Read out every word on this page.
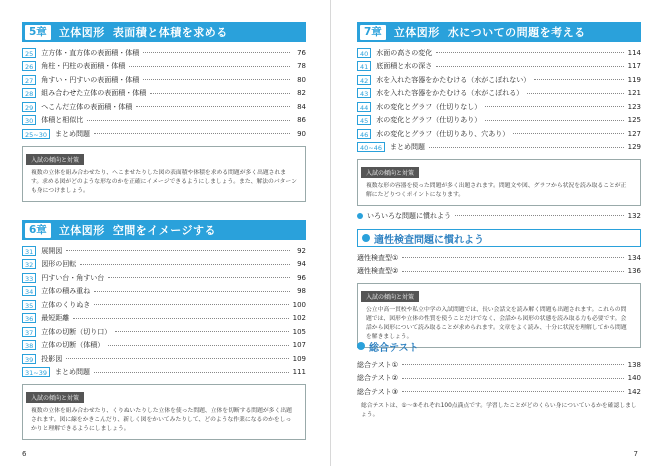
5章	立体図形 表面積と体積を求める
25	立方体・直方体の表面積・体積	76
26	角柱・円柱の表面積・体積	78
27	角すい・円すいの表面積・体積	80
28	組み合わせた立体の表面積・体積	82
29	へこんだ立体の表面積・体積	84
30	体積と相似比	86
25~30	まとめ問題	90
入試の傾向と対策
複数の立体を組み合わせたり、へこませたりした図の表面積や体積を求める問題が多く出題されます。求める図がどのような形なのかを正確にイメージできるようにしましょう。また、解法のパターンも身につけましょう。
6章	立体図形 空間をイメージする
31	展開図	92
32	図形の回転	94
33	円すい台・角すい台	96
34	立体の積み重ね	98
35	立体のくりぬき	100
36	最短距離	102
37	立体の切断（切り口）	105
38	立体の切断（体積）	107
39	投影図	109
31~39	まとめ問題	111
入試の傾向と対策
複数の立体を組み合わせたり、くりぬいたりした立体を使った問題、立体を切断する問題が多く出題されます。図に線をかきこんだり、新しく図をかいてみたりして、どのような作業になるのかをしっかりと理解できるようにしましょう。
6
7章	立体図形 水についての問題を考える
40	水面の高さの変化	114
41	底面積と水の深さ	117
42	水を入れた容器をかたむける（水がこぼれない）	119
43	水を入れた容器をかたむける（水がこぼれる）	121
44	水の変化とグラフ（仕切りなし）	123
45	水の変化とグラフ（仕切りあり）	125
46	水の変化とグラフ（仕切りあり、穴あり）	127
40~46	まとめ問題	129
入試の傾向と対策
複数な形の容器を使った問題が多く出題されます。問題文や図、グラフから状況を読み取ることが正解にたどりつくポイントになります。
いろいろな問題に慣れよう	132
適性検査問題に慣れよう
適性検査型①	134
適性検査型②	136
入試の傾向と対策
公立中高一貫校や私立中学の入試問題では、長い会話文を読み解く問題も出題されます。これらの問題では、図形や立体の性質を使うことだけでなく、会話から図形の状態を読み取る力も必要です。会話から図形について読み取ることが求められます。文章をよく読み、十分に状況を理解してから問題を解きましょう。
総合テスト
総合テスト①	138
総合テスト②	140
総合テスト③	142
総合テストは、①〜③それぞれ100点満点です。学習したことがどのくらい身についているかを確認しましょう。
7
